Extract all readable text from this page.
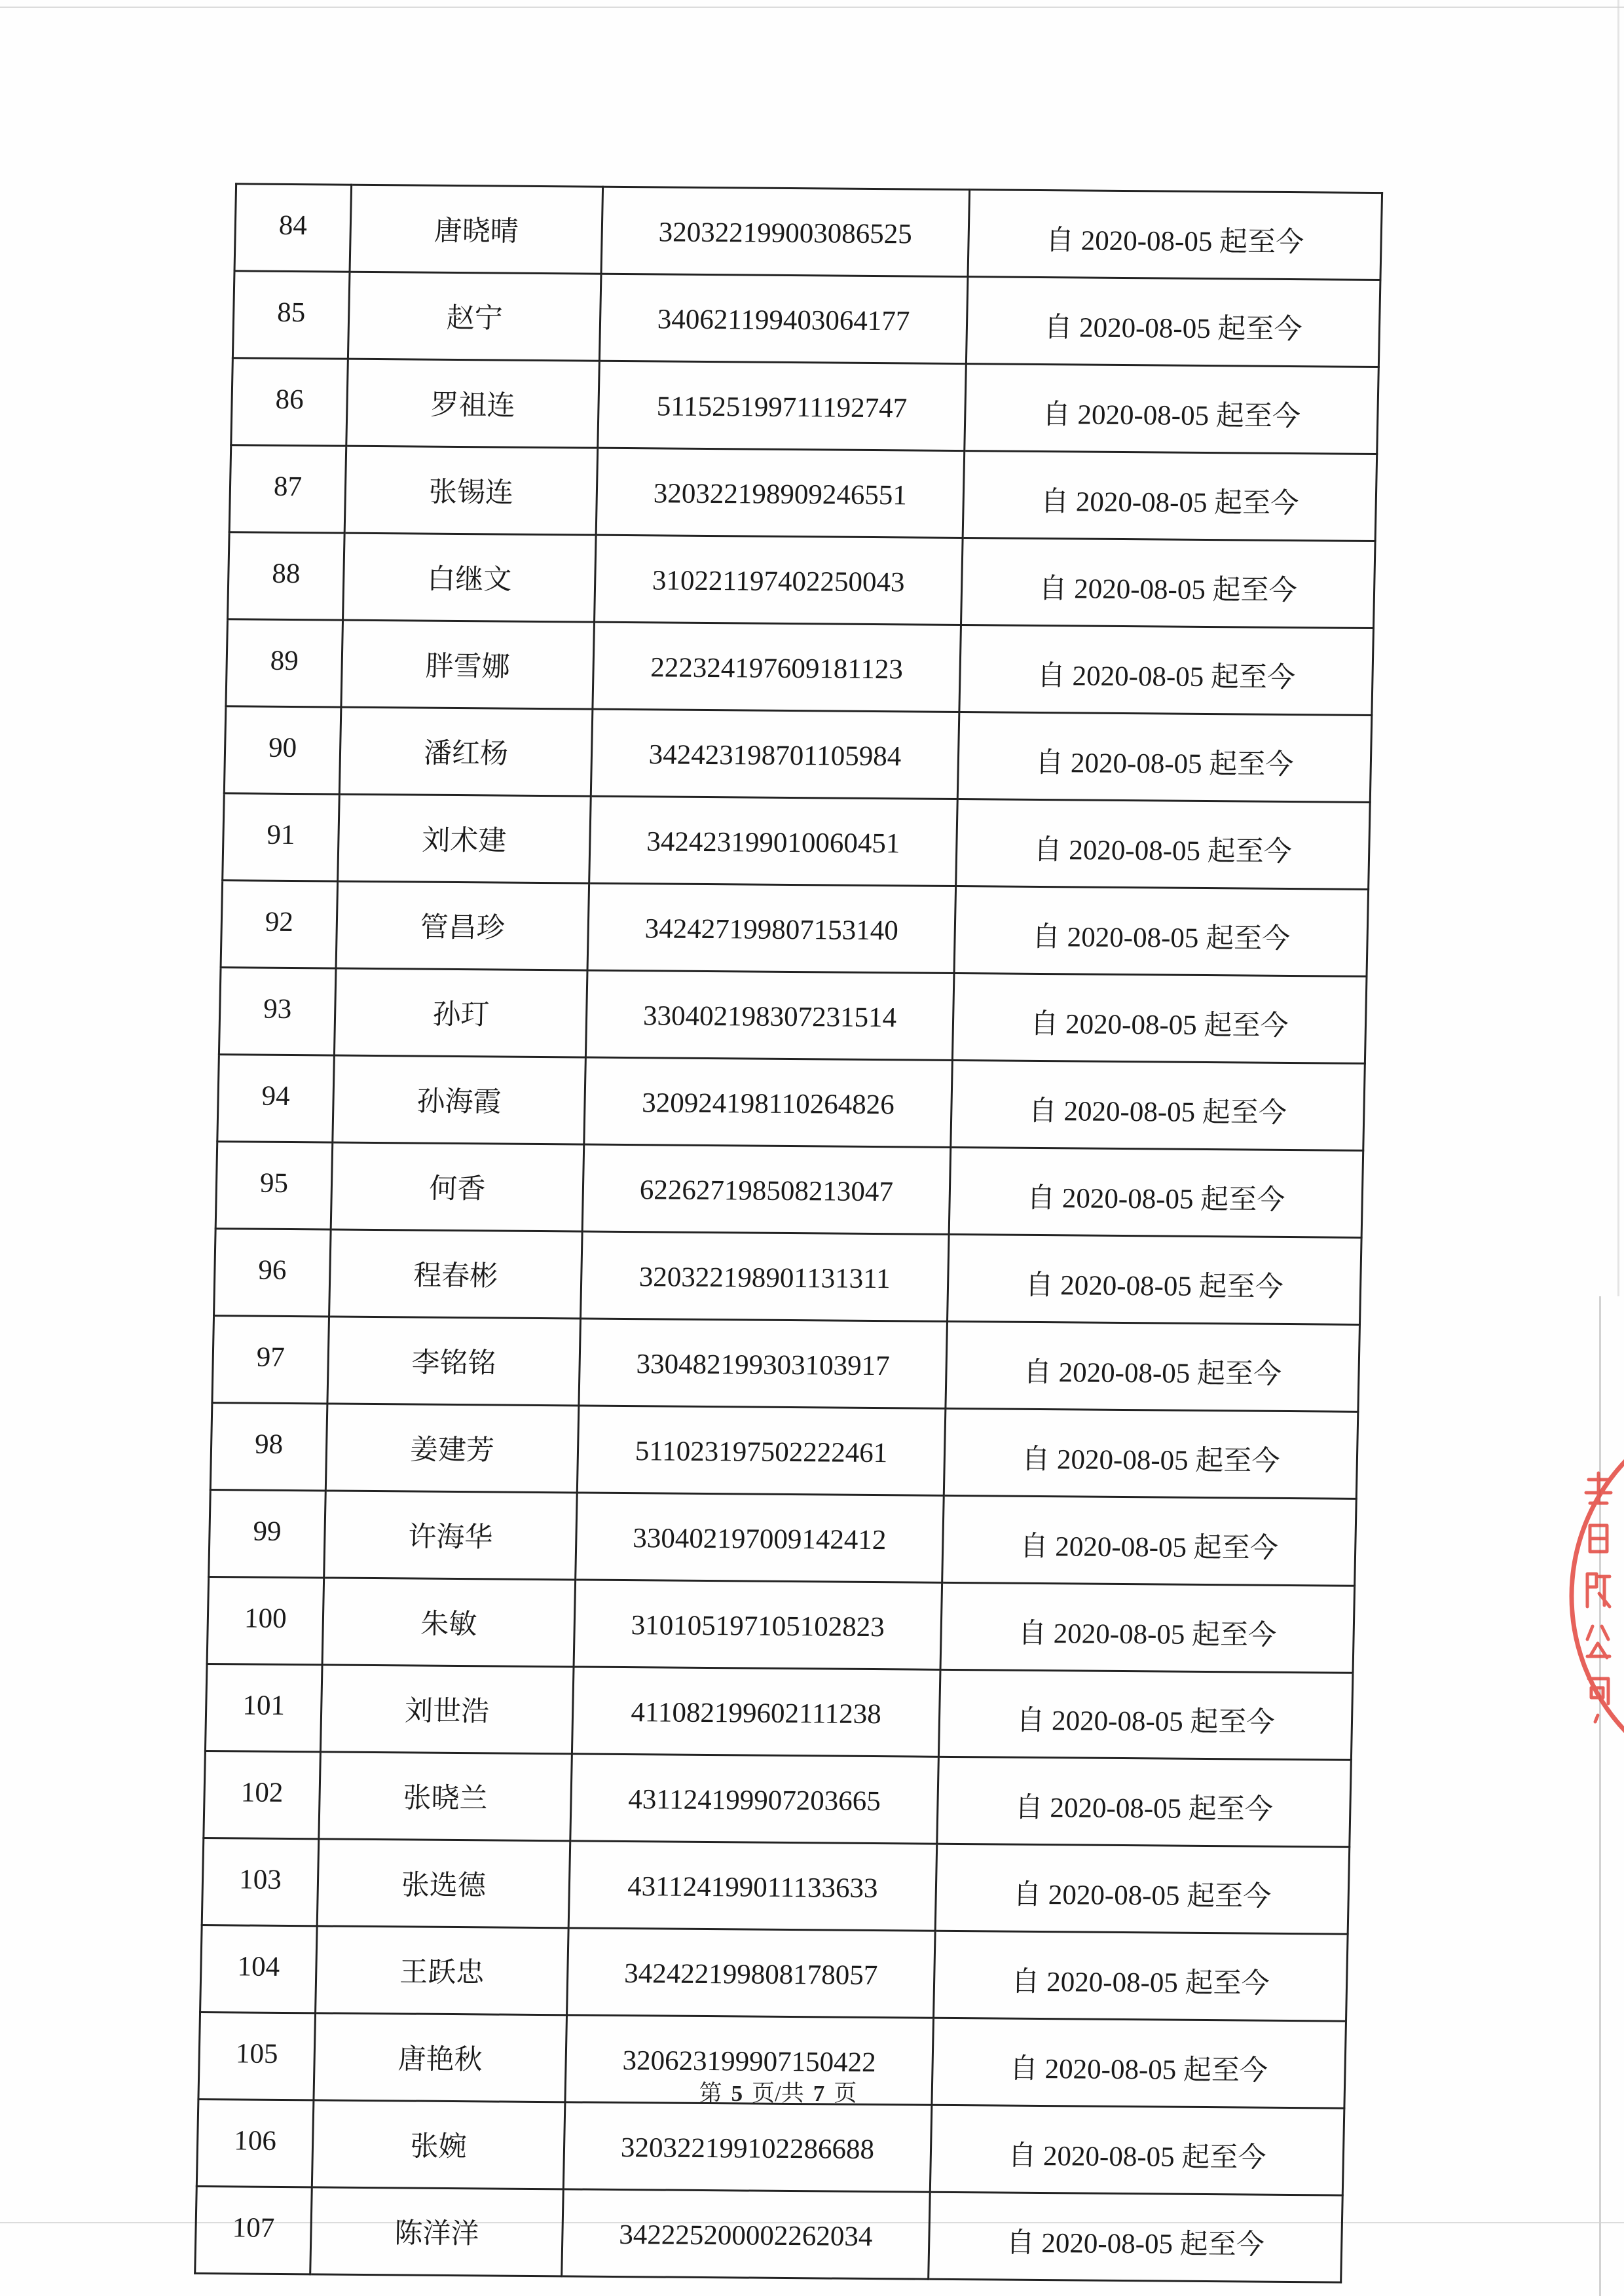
84	唐晓晴	320322199003086525	自 2020-08-05 起至今
85	赵宁	340621199403064177	自 2020-08-05 起至今
86	罗祖连	511525199711192747	自 2020-08-05 起至今
87	张锡连	320322198909246551	自 2020-08-05 起至今
88	白继文	310221197402250043	自 2020-08-05 起至今
89	胖雪娜	222324197609181123	自 2020-08-05 起至今
90	潘红杨	342423198701105984	自 2020-08-05 起至今
91	刘术建	342423199010060451	自 2020-08-05 起至今
92	管昌珍	342427199807153140	自 2020-08-05 起至今
93	孙玎	330402198307231514	自 2020-08-05 起至今
94	孙海霞	320924198110264826	自 2020-08-05 起至今
95	何香	622627198508213047	自 2020-08-05 起至今
96	程春彬	320322198901131311	自 2020-08-05 起至今
97	李铭铭	330482199303103917	自 2020-08-05 起至今
98	姜建芳	511023197502222461	自 2020-08-05 起至今
99	许海华	330402197009142412	自 2020-08-05 起至今
100	朱敏	310105197105102823	自 2020-08-05 起至今
101	刘世浩	411082199602111238	自 2020-08-05 起至今
102	张晓兰	431124199907203665	自 2020-08-05 起至今
103	张选德	431124199011133633	自 2020-08-05 起至今
104	王跃忠	342422199808178057	自 2020-08-05 起至今
105	唐艳秋	320623199907150422	自 2020-08-05 起至今
106	张婉	320322199102286688	自 2020-08-05 起至今
107	陈洋洋	342225200002262034	自 2020-08-05 起至今
第 5 页/共 7 页
